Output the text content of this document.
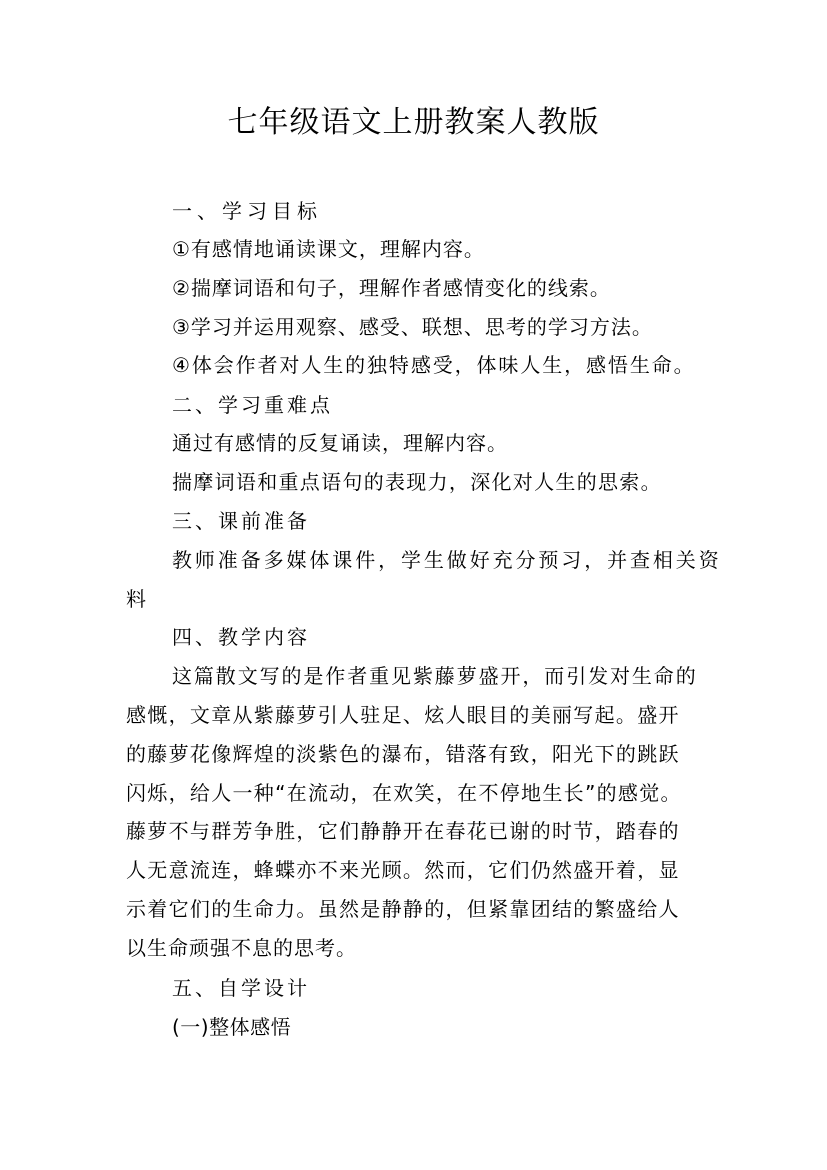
七年级语文上册教案人教版
一、学习目标
①有感情地诵读课文，理解内容。
②揣摩词语和句子，理解作者感情变化的线索。
③学习并运用观察、感受、联想、思考的学习方法。
④体会作者对人生的独特感受，体味人生，感悟生命。
二、学习重难点
通过有感情的反复诵读，理解内容。
揣摩词语和重点语句的表现力，深化对人生的思索。
三、课前准备
教师准备多媒体课件，学生做好充分预习，并查相关资
料
四、教学内容
这篇散文写的是作者重见紫藤萝盛开，而引发对生命的
感慨，文章从紫藤萝引人驻足、炫人眼目的美丽写起。盛开
的藤萝花像辉煌的淡紫色的瀑布，错落有致，阳光下的跳跃
闪烁，给人一种“在流动，在欢笑，在不停地生长”的感觉。
藤萝不与群芳争胜，它们静静开在春花已谢的时节，踏春的
人无意流连，蜂蝶亦不来光顾。然而，它们仍然盛开着，显
示着它们的生命力。虽然是静静的，但紧靠团结的繁盛给人
以生命顽强不息的思考。
五、自学设计
(一)整体感悟
